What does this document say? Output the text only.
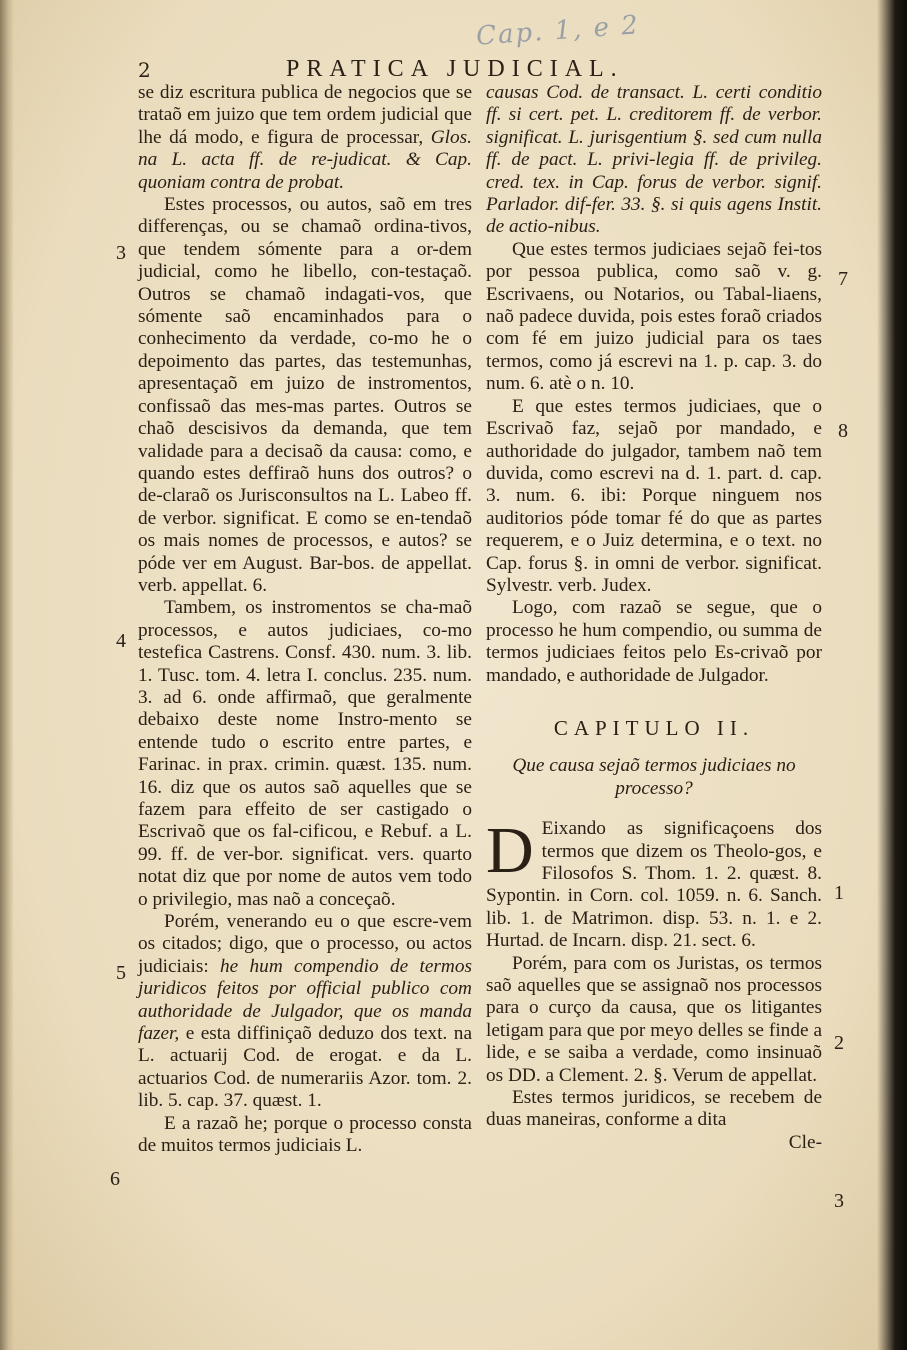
Cap. 1, e 2
2	PRATICA JUDICIAL.

se diz escritura publica de negocios que se trataõ em juizo que tem ordem judicial que lhe dá modo, e figura de processar, Glos. na L. acta ff. de re-judicat. & Cap. quoniam contra de probat.

Estes processos, ou autos, saõ em tres differenças, ou se chamaõ ordina-tivos, que tendem sómente para a or-dem judicial, como he libello, con-testaçaõ. Outros se chamaõ indagati-vos, que sómente saõ encaminhados para o conhecimento da verdade, co-mo he o depoimento das partes, das testemunhas, apresentaçaõ em juizo de instromentos, confissaõ das mes-mas partes. Outros se chaõ descisivos da demanda, que tem validade para a decisaõ da causa: como, e quando estes deffiraõ huns dos outros? o de-claraõ os Jurisconsultos na L. Labeo ff. de verbor. significat. E como se en-tendaõ os mais nomes de processos, e autos? se póde ver em August. Bar-bos. de appellat. verb. appellat. 6.

Tambem, os instromentos se cha-maõ processos, e autos judiciaes, co-mo testefica Castrens. Consf. 430. num. 3. lib. 1. Tusc. tom. 4. letra I. conclus. 235. num. 3. ad 6. onde affirmaõ, que geralmente debaixo deste nome Instro-mento se entende tudo o escrito entre partes, e Farinac. in prax. crimin. quæst. 135. num. 16. diz que os autos saõ aquelles que se fazem para effeito de ser castigado o Escrivaõ que os fal-cificou, e Rebuf. a L. 99. ff. de ver-bor. significat. vers. quarto notat diz que por nome de autos vem todo o privilegio, mas naõ a conceçaõ.

Porém, venerando eu o que escre-vem os citados; digo, que o processo, ou actos judiciais: he hum compendio de termos juridicos feitos por official publico com authoridade de Julgador, que os manda fazer, e esta diffiniçaõ deduzo dos text. na L. actuarij Cod. de erogat. e da L. actuarios Cod. de numerariis Azor. tom. 2. lib. 5. cap. 37. quæst. 1.

E a razaõ he; porque o processo consta de muitos termos judiciais L.

3
4
5
6

causas Cod. de transact. L. certi conditio ff. si cert. pet. L. creditorem ff. de verbor. significat. L. jurisgentium §. sed cum nulla ff. de pact. L. privi-legia ff. de privileg. cred. tex. in Cap. forus de verbor. signif. Parlador. dif-fer. 33. §. si quis agens Instit. de actio-nibus.

Que estes termos judiciaes sejaõ fei-tos por pessoa publica, como saõ v. g. Escrivaens, ou Notarios, ou Tabal-liaens, naõ padece duvida, pois estes foraõ criados com fé em juizo judicial para os taes termos, como já escrevi na 1. p. cap. 3. do num. 6. atè o n. 10.

E que estes termos judiciaes, que o Escrivaõ faz, sejaõ por mandado, e authoridade do julgador, tambem naõ tem duvida, como escrevi na d. 1. part. d. cap. 3. num. 6. ibi: Porque ninguem nos auditorios póde tomar fé do que as partes requerem, e o Juiz determina, e o text. no Cap. forus §. in omni de verbor. significat. Sylvestr. verb. Judex.

Logo, com razaõ se segue, que o processo he hum compendio, ou summa de termos judiciaes feitos pelo Es-crivaõ por mandado, e authoridade de Julgador.

CAPITULO II.

Que causa sejaõ termos judiciaes no processo?

D Eixando as significaçoens dos termos que dizem os Theolo-gos, e Filosofos S. Thom. 1. 2. quæst. 8. Sypontin. in Corn. col. 1059. n. 6. Sanch. lib. 1. de Matrimon. disp. 53. n. 1. e 2. Hurtad. de Incarn. disp. 21. sect. 6.

Porém, para com os Juristas, os termos saõ aquelles que se assignaõ nos processos para o curço da causa, que os litigantes letigam para que por meyo delles se finde a lide, e se saiba a verdade, como insinuaõ os DD. a Clement. 2. §. Verum de appellat.

Estes termos juridicos, se recebem de duas maneiras, conforme a dita

Cle-

7
8
1
2
3
